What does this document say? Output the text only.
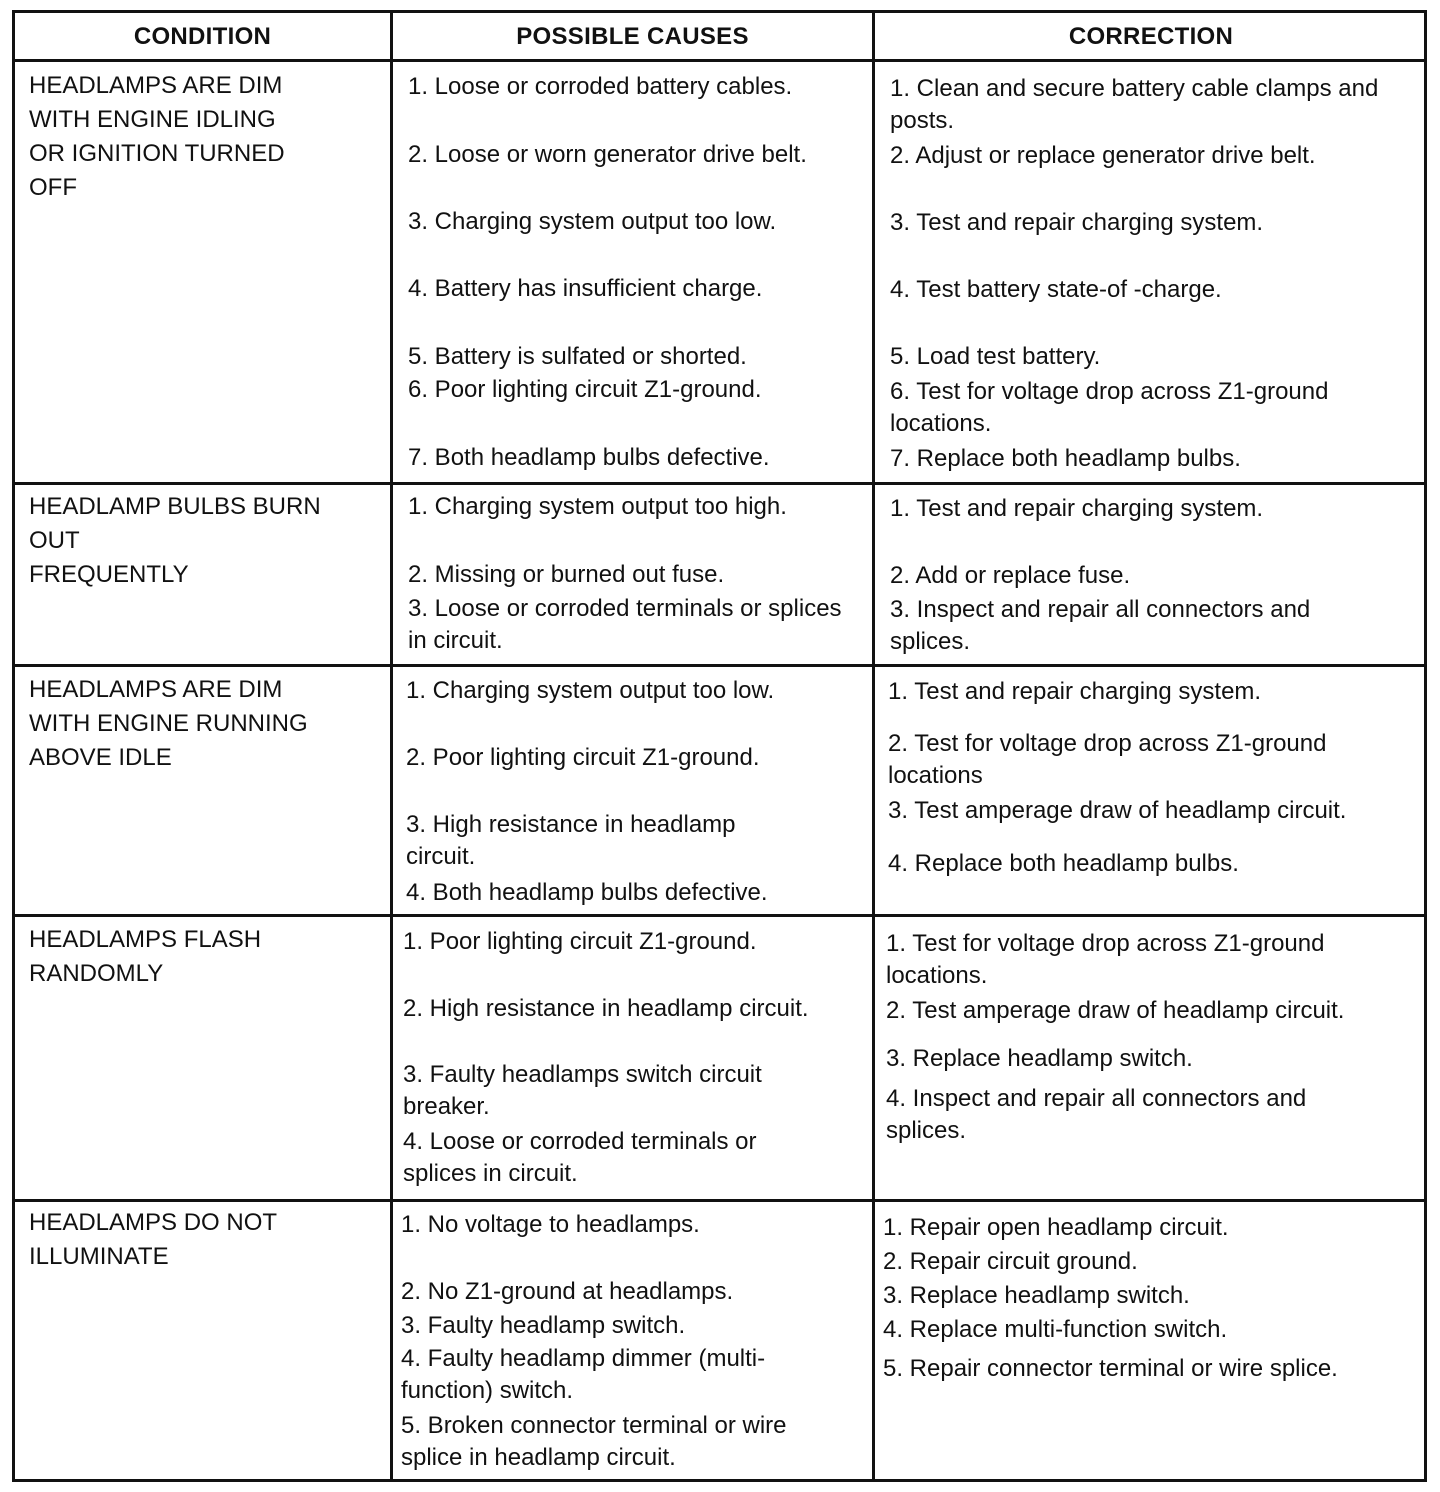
CONDITION	POSSIBLE CAUSES	CORRECTION
HEADLAMPS ARE DIM
WITH ENGINE IDLING
OR IGNITION TURNED
OFF
1. Loose or corroded battery cables.
2. Loose or worn generator drive belt.
3. Charging system output too low.
4. Battery has insufficient charge.
5. Battery is sulfated or shorted.
6. Poor lighting circuit Z1-ground.
7. Both headlamp bulbs defective.
1. Clean and secure battery cable clamps and posts.
2. Adjust or replace generator drive belt.
3. Test and repair charging system.
4. Test battery state-of -charge.
5. Load test battery.
6. Test for voltage drop across Z1-ground locations.
7. Replace both headlamp bulbs.
HEADLAMP BULBS BURN
OUT
FREQUENTLY
1. Charging system output too high.
2. Missing or burned out fuse.
3. Loose or corroded terminals or splices in circuit.
1. Test and repair charging system.
2. Add or replace fuse.
3. Inspect and repair all connectors and splices.
HEADLAMPS ARE DIM
WITH ENGINE RUNNING
ABOVE IDLE
1. Charging system output too low.
2. Poor lighting circuit Z1-ground.
3. High resistance in headlamp circuit.
4. Both headlamp bulbs defective.
1. Test and repair charging system.
2. Test for voltage drop across Z1-ground locations
3. Test amperage draw of headlamp circuit.
4. Replace both headlamp bulbs.
HEADLAMPS FLASH
RANDOMLY
1. Poor lighting circuit Z1-ground.
2. High resistance in headlamp circuit.
3. Faulty headlamps switch circuit breaker.
4. Loose or corroded terminals or splices in circuit.
1. Test for voltage drop across Z1-ground locations.
2. Test amperage draw of headlamp circuit.
3. Replace headlamp switch.
4. Inspect and repair all connectors and splices.
HEADLAMPS DO NOT
ILLUMINATE
1. No voltage to headlamps.
2. No Z1-ground at headlamps.
3. Faulty headlamp switch.
4. Faulty headlamp dimmer (multi-function) switch.
5. Broken connector terminal or wire splice in headlamp circuit.
1. Repair open headlamp circuit.
2. Repair circuit ground.
3. Replace headlamp switch.
4. Replace multi-function switch.
5. Repair connector terminal or wire splice.
